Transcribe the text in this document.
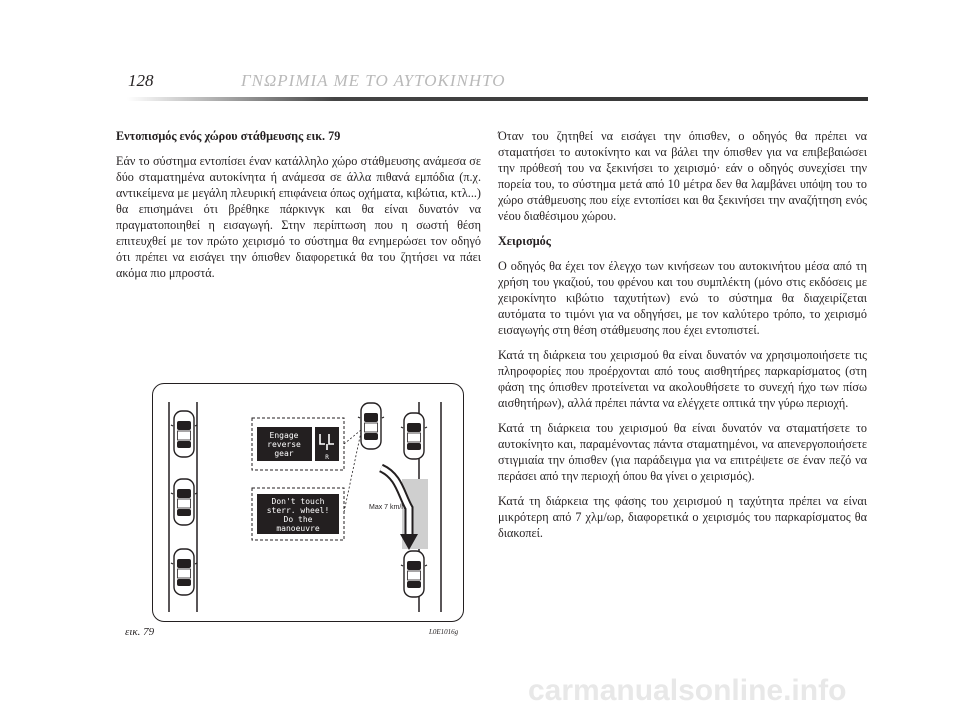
128	ΓΝΩΡΙΜΙΑ ΜΕ ΤΟ ΑΥΤΟΚΙΝΗΤΟ

Εντοπισμός ενός χώρου στάθμευσης εικ. 79

Εάν το σύστημα εντοπίσει έναν κατάλληλο χώρο στάθμευσης ανάμεσα σε δύο σταματημένα αυτοκίνητα ή ανάμεσα σε άλλα πιθανά εμπόδια (π.χ. αντικείμενα με μεγάλη πλευρική επιφάνεια όπως οχήματα, κιβώτια, κτλ...) θα επισημάνει ότι βρέθηκε πάρκινγκ και θα είναι δυνατόν να πραγματοποιηθεί η εισαγωγή. Στην περίπτωση που η σωστή θέση επιτευχθεί με τον πρώτο χειρισμό το σύστημα θα ενημερώσει τον οδηγό ότι πρέπει να εισάγει την όπισθεν διαφορετικά θα του ζητήσει να πάει ακόμα πιο μπροστά.

Όταν του ζητηθεί να εισάγει την όπισθεν, ο οδηγός θα πρέπει να σταματήσει το αυτοκίνητο και να βάλει την όπισθεν για να επιβεβαιώσει την πρόθεσή του να ξεκινήσει το χειρισμό· εάν ο οδηγός συνεχίσει την πορεία του, το σύστημα μετά από 10 μέτρα δεν θα λαμβάνει υπόψη του το χώρο στάθμευσης που είχε εντοπίσει και θα ξεκινήσει την αναζήτηση ενός νέου διαθέσιμου χώρου.

Χειρισμός

Ο οδηγός θα έχει τον έλεγχο των κινήσεων του αυτοκινήτου μέσα από τη χρήση του γκαζιού, του φρένου και του συμπλέκτη (μόνο στις εκδόσεις με χειροκίνητο κιβώτιο ταχυτήτων) ενώ το σύστημα θα διαχειρίζεται αυτόματα το τιμόνι για να οδηγήσει, με τον καλύτερο τρόπο, το χειρισμό εισαγωγής στη θέση στάθμευσης που έχει εντοπιστεί.

Κατά τη διάρκεια του χειρισμού θα είναι δυνατόν να χρησιμοποιήσετε τις πληροφορίες που προέρχονται από τους αισθητήρες παρκαρίσματος (στη φάση της όπισθεν προτείνεται να ακολουθήσετε το συνεχή ήχο των πίσω αισθητήρων), αλλά πρέπει πάντα να ελέγχετε οπτικά την γύρω περιοχή.

Κατά τη διάρκεια του χειρισμού θα είναι δυνατόν να σταματήσετε το αυτοκίνητο και, παραμένοντας πάντα σταματημένοι, να απενεργοποιήσετε στιγμιαία την όπισθεν (για παράδειγμα για να επιτρέψετε σε έναν πεζό να περάσει από την περιοχή όπου θα γίνει ο χειρισμός).

Κατά τη διάρκεια της φάσης του χειρισμού η ταχύτητα πρέπει να είναι μικρότερη από 7 χλμ/ωρ, διαφορετικά ο χειρισμός του παρκαρίσματος θα διακοπεί.

Engage
reverse
gear	R
Don't touch
sterr. wheel!
Do the
manoeuvre
Max 7 km/h
εικ. 79	L0E1016g
carmanualsonline.info
